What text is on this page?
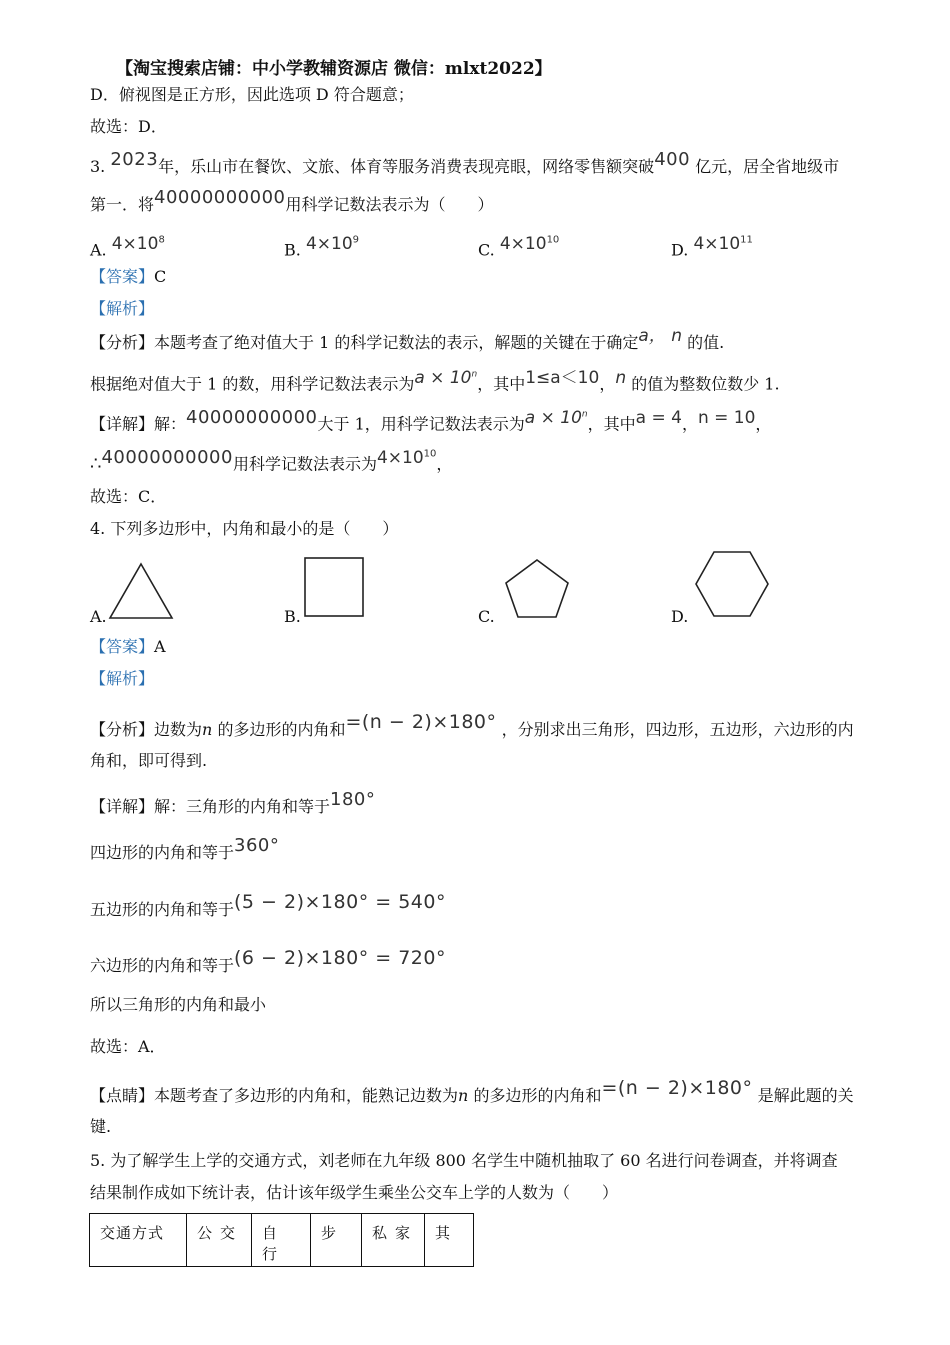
【淘宝搜索店铺：中小学教辅资源店 微信：mlxt2022】
D．俯视图是正方形，因此选项 D 符合题意；
故选：D．
3. 2023年，乐山市在餐饮、文旅、体育等服务消费表现亮眼，网络零售额突破400 亿元，居全省地级市
第一．将40000000000用科学记数法表示为（　　）
A. $4\times 10^8$
B. $4\times 10^9$
C. $4\times 10^{10}$
D. $4\times 10^{11}$
【答案】C
【解析】
【分析】本题考查了绝对值大于 1 的科学记数法的表示，解题的关键在于确定a， n 的值.
根据绝对值大于 1 的数，用科学记数法表示为$a \times 10^n$，其中1≤a＜10，n 的值为整数位数少 1.
【详解】解：40000000000大于 1，用科学记数法表示为$a \times 10^n$，其中a = 4，n = 10，
∴40000000000用科学记数法表示为$4\times 10^{10}$，
故选：C．
4. 下列多边形中，内角和最小的是（　　）
A.	B.	C.	D.
【答案】A
【解析】
【分析】边数为n 的多边形的内角和=(n − 2)×180° ，分别求出三角形，四边形，五边形，六边形的内
角和，即可得到.
【详解】解：三角形的内角和等于180°
四边形的内角和等于360°
五边形的内角和等于(5 − 2)×180° = 540°
六边形的内角和等于(6 − 2)×180° = 720°
所以三角形的内角和最小
故选：A．
【点睛】本题考查了多边形的内角和，能熟记边数为n 的多边形的内角和=(n − 2)×180° 是解此题的关
键.
5. 为了解学生上学的交通方式，刘老师在九年级 800 名学生中随机抽取了 60 名进行问卷调查，并将调查
结果制作成如下统计表，估计该年级学生乘坐公交车上学的人数为（　　）
交通方式	公交	自行	步	私家	其
